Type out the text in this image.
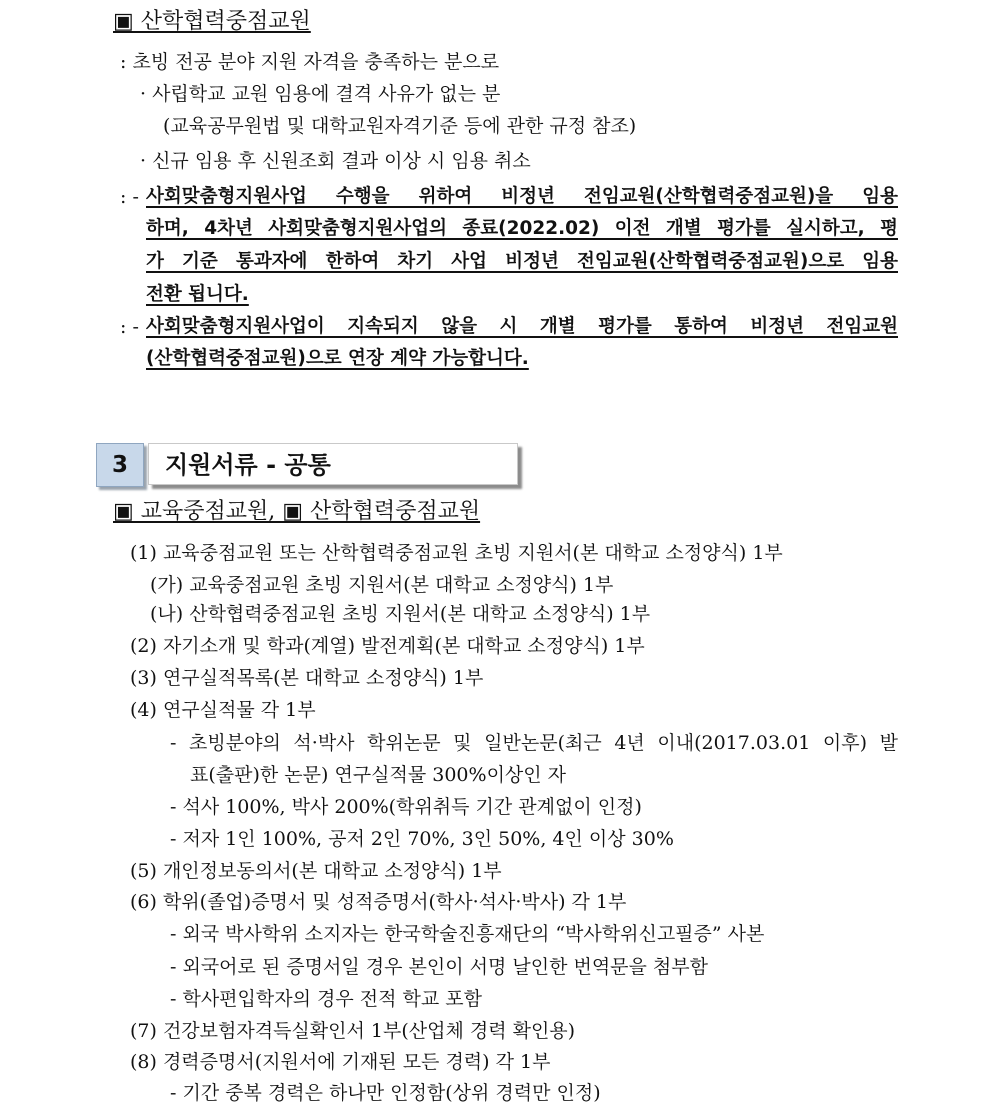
▣ 산학협력중점교원
: 초빙 전공 분야 지원 자격을 충족하는 분으로
· 사립학교 교원 임용에 결격 사유가 없는 분
(교육공무원법 및 대학교원자격기준 등에 관한 규정 참조)
· 신규 임용 후 신원조회 결과 이상 시 임용 취소
: - 사회맞춤형지원사업 수행을 위하여 비정년 전임교원(산학협력중점교원)을 임용
하며, 4차년 사회맞춤형지원사업의 종료(2022.02) 이전 개별 평가를 실시하고, 평
가 기준 통과자에 한하여 차기 사업 비정년 전임교원(산학협력중점교원)으로 임용
전환 됩니다.
: - 사회맞춤형지원사업이 지속되지 않을 시 개별 평가를 통하여 비정년 전임교원
(산학협력중점교원)으로 연장 계약 가능합니다.
3	지원서류 - 공통
▣ 교육중점교원, ▣ 산학협력중점교원
(1) 교육중점교원 또는 산학협력중점교원 초빙 지원서(본 대학교 소정양식) 1부
(가) 교육중점교원 초빙 지원서(본 대학교 소정양식) 1부
(나) 산학협력중점교원 초빙 지원서(본 대학교 소정양식) 1부
(2) 자기소개 및 학과(계열) 발전계획(본 대학교 소정양식) 1부
(3) 연구실적목록(본 대학교 소정양식) 1부
(4) 연구실적물 각 1부
- 초빙분야의 석·박사 학위논문 및 일반논문(최근 4년 이내(2017.03.01 이후) 발
표(출판)한 논문) 연구실적물 300%이상인 자
- 석사 100%, 박사 200%(학위취득 기간 관계없이 인정)
- 저자 1인 100%, 공저 2인 70%, 3인 50%, 4인 이상 30%
(5) 개인정보동의서(본 대학교 소정양식) 1부
(6) 학위(졸업)증명서 및 성적증명서(학사·석사·박사) 각 1부
- 외국 박사학위 소지자는 한국학술진흥재단의 “박사학위신고필증” 사본
- 외국어로 된 증명서일 경우 본인이 서명 날인한 번역문을 첨부함
- 학사편입학자의 경우 전적 학교 포함
(7) 건강보험자격득실확인서 1부(산업체 경력 확인용)
(8) 경력증명서(지원서에 기재된 모든 경력) 각 1부
- 기간 중복 경력은 하나만 인정함(상위 경력만 인정)
